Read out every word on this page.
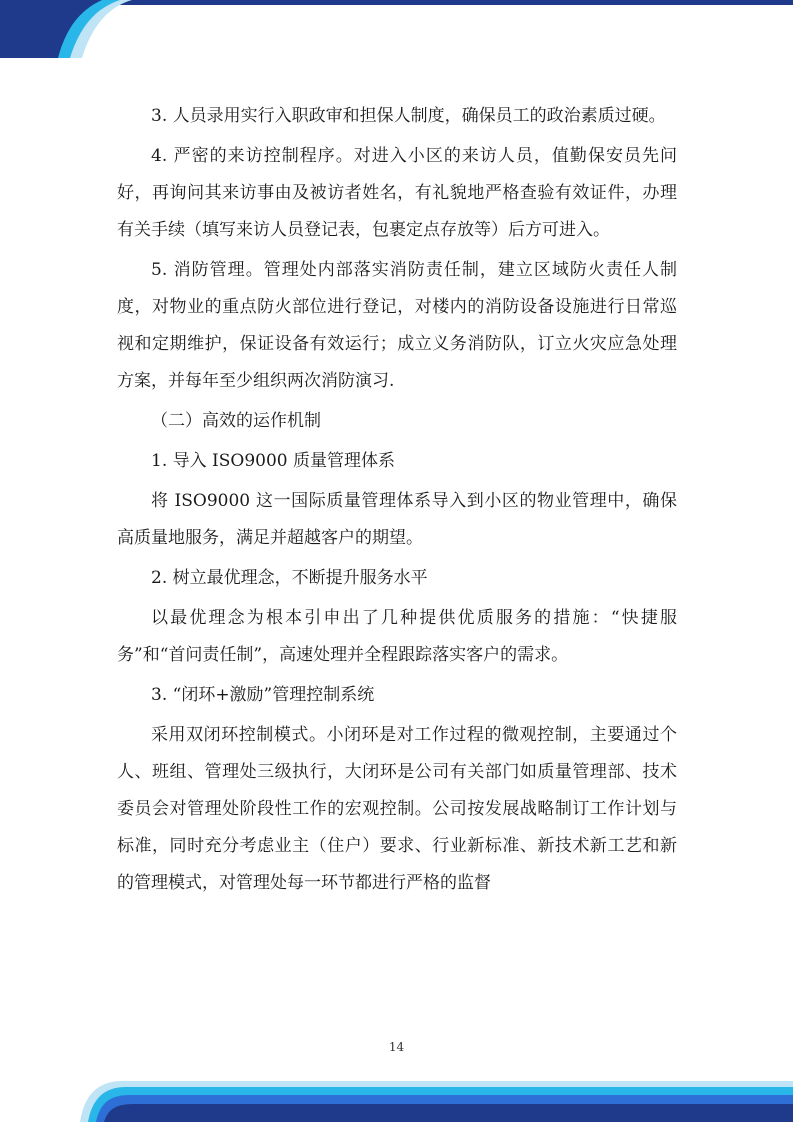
3. 人员录用实行入职政审和担保人制度，确保员工的政治素质过硬。

4. 严密的来访控制程序。对进入小区的来访人员，值勤保安员先问好，再询问其来访事由及被访者姓名，有礼貌地严格查验有效证件，办理有关手续（填写来访人员登记表，包裹定点存放等）后方可进入。

5. 消防管理。管理处内部落实消防责任制，建立区域防火责任人制度，对物业的重点防火部位进行登记，对楼内的消防设备设施进行日常巡视和定期维护，保证设备有效运行；成立义务消防队，订立火灾应急处理方案，并每年至少组织两次消防演习.

（二）高效的运作机制

1. 导入 ISO9000 质量管理体系

将 ISO9000 这一国际质量管理体系导入到小区的物业管理中，确保高质量地服务，满足并超越客户的期望。

2. 树立最优理念，不断提升服务水平

以最优理念为根本引申出了几种提供优质服务的措施：“快捷服务”和“首问责任制”，高速处理并全程跟踪落实客户的需求。

3. “闭环+激励”管理控制系统

采用双闭环控制模式。小闭环是对工作过程的微观控制，主要通过个人、班组、管理处三级执行，大闭环是公司有关部门如质量管理部、技术委员会对管理处阶段性工作的宏观控制。公司按发展战略制订工作计划与标准，同时充分考虑业主（住户）要求、行业新标准、新技术新工艺和新的管理模式，对管理处每一环节都进行严格的监督

14
